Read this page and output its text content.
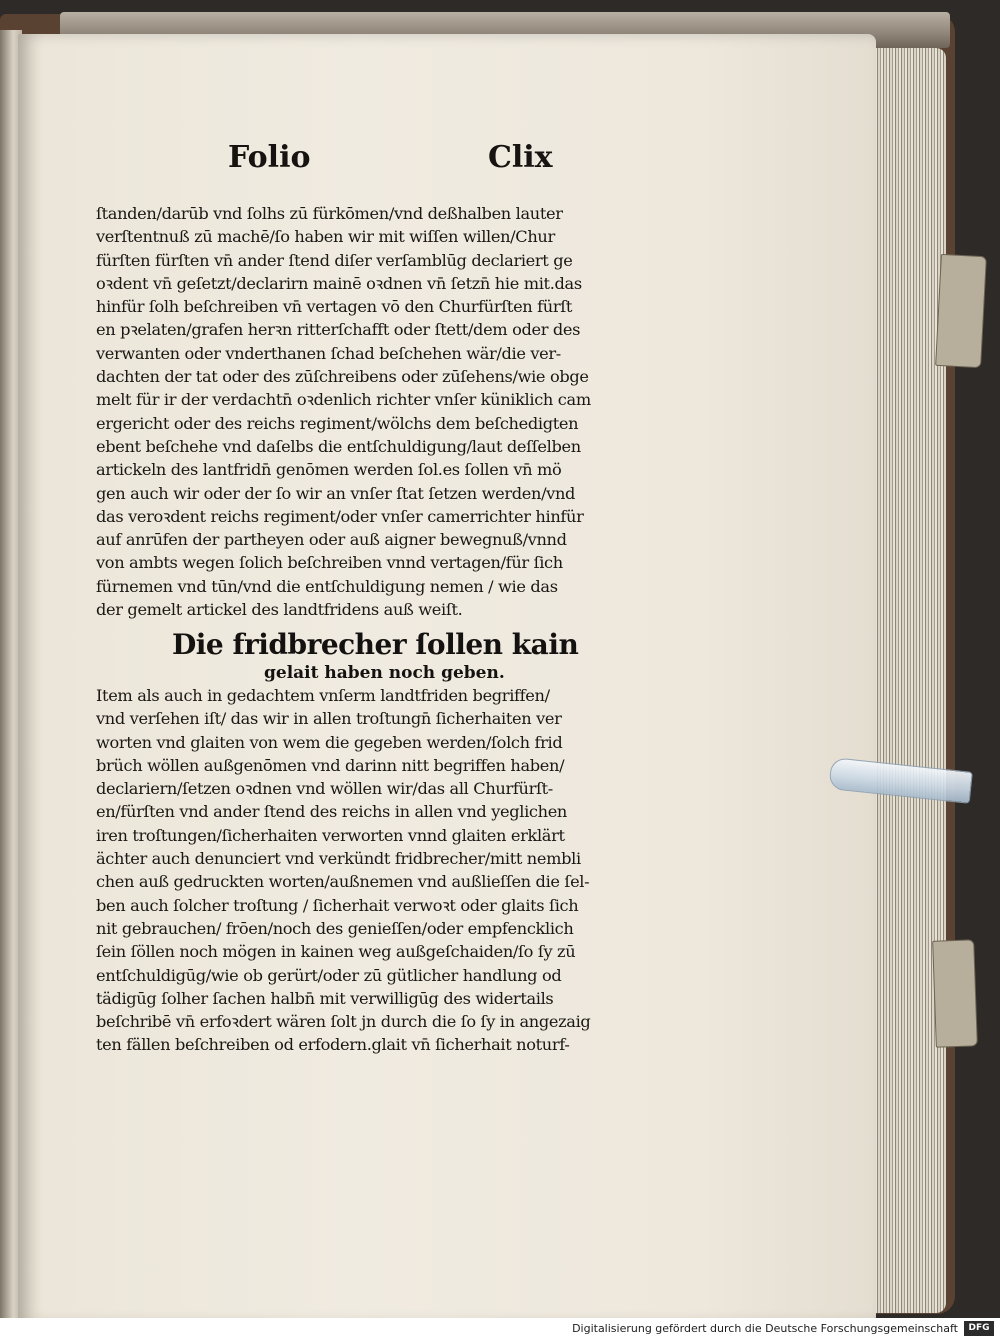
Folio	Clix
ſtanden/darūb vnd ſolhs zū fürkōmen/vnd deßhalben lauter
verſtentnuß zū machē/ſo haben wir mit wiſſen willen/Chur
fürſten fürſten vn̄ ander ſtend diſer verſamblūg declariert ge
oꝛdent vn̄ geſetzt/declarirn mainē oꝛdnen vn̄ ſetzn̄ hie mit.das
hinfür ſolh beſchreiben vn̄ vertagen vō den Churfürſten fürſt
en pꝛelaten/grafen herꝛn ritterſchafft oder ſtett/dem oder des
verwanten oder vnderthanen ſchad beſchehen wär/die ver-
dachten der tat oder des zūſchreibens oder zūſehens/wie obge
melt für ir der verdachtn̄ oꝛdenlich richter vnſer küniklich cam
ergericht oder des reichs regiment/wölchs dem beſchedigten
ebent beſchehe vnd daſelbs die entſchuldigung/laut deſſelben
artickeln des lantfridn̄ genōmen werden ſol.es ſollen vn̄ mö
gen auch wir oder der ſo wir an vnſer ſtat ſetzen werden/vnd
das veroꝛdent reichs regiment/oder vnſer camerrichter hinfür
auf anrūfen der partheyen oder auß aigner bewegnuß/vnnd
von ambts wegen ſolich beſchreiben vnnd vertagen/für ſich
fürnemen vnd tūn/vnd die entſchuldigung nemen / wie das
der gemelt artickel des landtfridens auß weiſt.
Die fridbrecher ſollen kain
gelait haben noch geben.
Item als auch in gedachtem vnſerm landtfriden begriffen/
vnd verſehen iſt/ das wir in allen troſtungn̄ ſicherhaiten ver
worten vnd glaiten von wem die gegeben werden/ſolch frid
brüch wöllen außgenōmen vnd darinn nitt begriffen haben/
declariern/ſetzen oꝛdnen vnd wöllen wir/das all Churfürſt-
en/fürſten vnd ander ſtend des reichs in allen vnd yeglichen
iren troſtungen/ſicherhaiten verworten vnnd glaiten erklärt
ächter auch denunciert vnd verkündt fridbrecher/mitt nembli
chen auß gedruckten worten/außnemen vnd außlieſſen die ſel-
ben auch ſolcher troſtung / ſicherhait verwoꝛt oder glaits ſich
nit gebrauchen/ frōen/noch des genieſſen/oder empfencklich
ſein ſöllen noch mögen in kainen weg außgeſchaiden/ſo ſy zū
entſchuldigūg/wie ob gerürt/oder zū gütlicher handlung od
tädigūg ſolher ſachen halbn̄ mit verwilligūg des widertails
beſchribē vn̄ erfoꝛdert wären ſolt jn durch die ſo ſy in angezaig
ten fällen beſchreiben od erfodern.glait vn̄ ſicherhait noturf-
Digitalisierung gefördert durch die Deutsche Forschungsgemeinschaft	DFG
